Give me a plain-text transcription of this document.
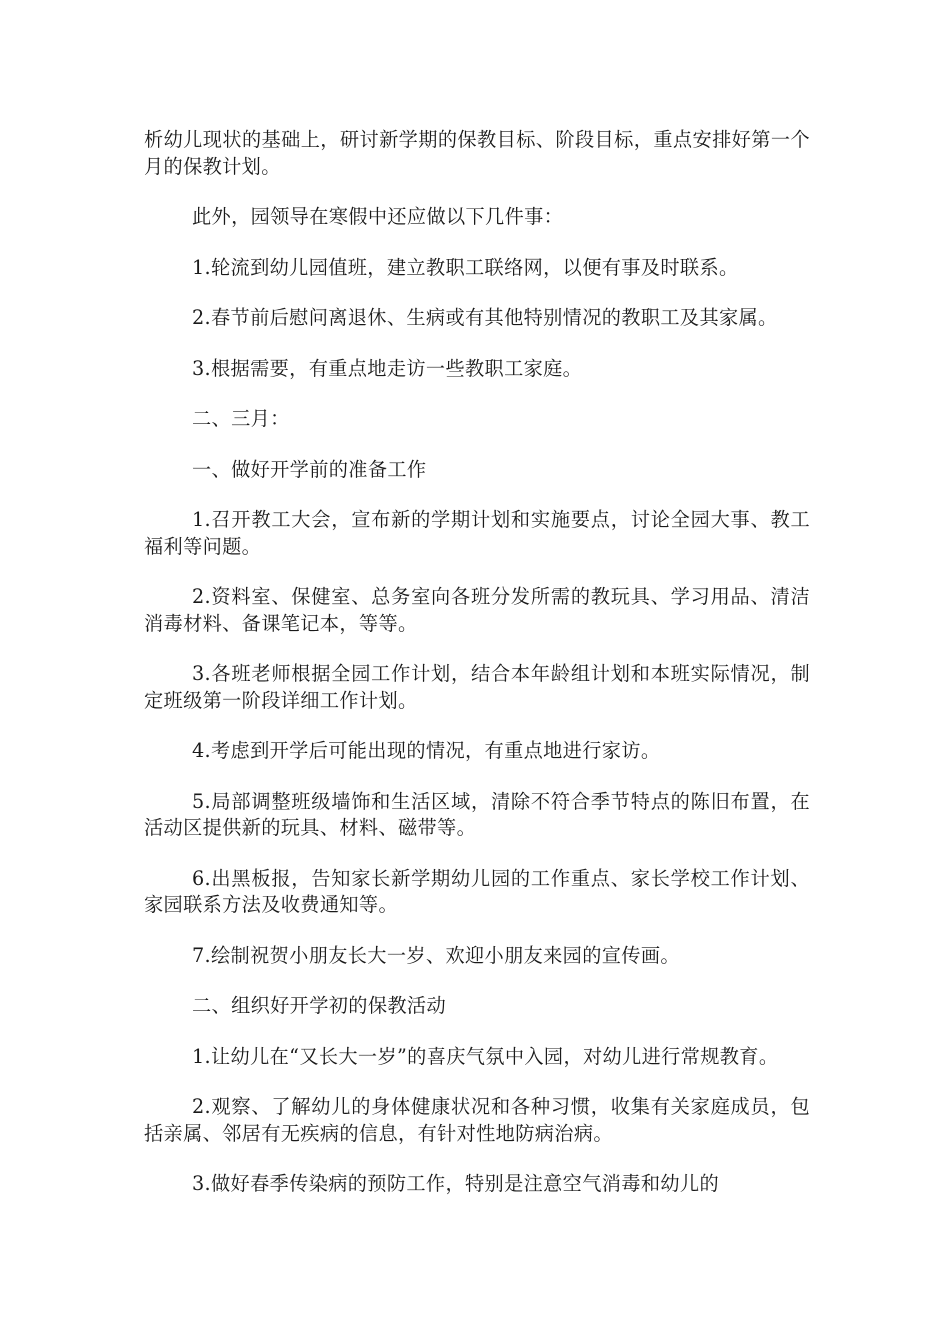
析幼儿现状的基础上，研讨新学期的保教目标、阶段目标，重点安排好第一个月的保教计划。

此外，园领导在寒假中还应做以下几件事：

1.轮流到幼儿园值班，建立教职工联络网，以便有事及时联系。

2.春节前后慰问离退休、生病或有其他特别情况的教职工及其家属。

3.根据需要，有重点地走访一些教职工家庭。

二、三月：

一、做好开学前的准备工作

1.召开教工大会，宣布新的学期计划和实施要点，讨论全园大事、教工福利等问题。

2.资料室、保健室、总务室向各班分发所需的教玩具、学习用品、清洁消毒材料、备课笔记本，等等。

3.各班老师根据全园工作计划，结合本年龄组计划和本班实际情况，制定班级第一阶段详细工作计划。

4.考虑到开学后可能出现的情况，有重点地进行家访。

5.局部调整班级墙饰和生活区域，清除不符合季节特点的陈旧布置，在活动区提供新的玩具、材料、磁带等。

6.出黑板报，告知家长新学期幼儿园的工作重点、家长学校工作计划、家园联系方法及收费通知等。

7.绘制祝贺小朋友长大一岁、欢迎小朋友来园的宣传画。

二、组织好开学初的保教活动

1.让幼儿在“又长大一岁”的喜庆气氛中入园，对幼儿进行常规教育。

2.观察、了解幼儿的身体健康状况和各种习惯，收集有关家庭成员，包括亲属、邻居有无疾病的信息，有针对性地防病治病。

3.做好春季传染病的预防工作，特别是注意空气消毒和幼儿的
